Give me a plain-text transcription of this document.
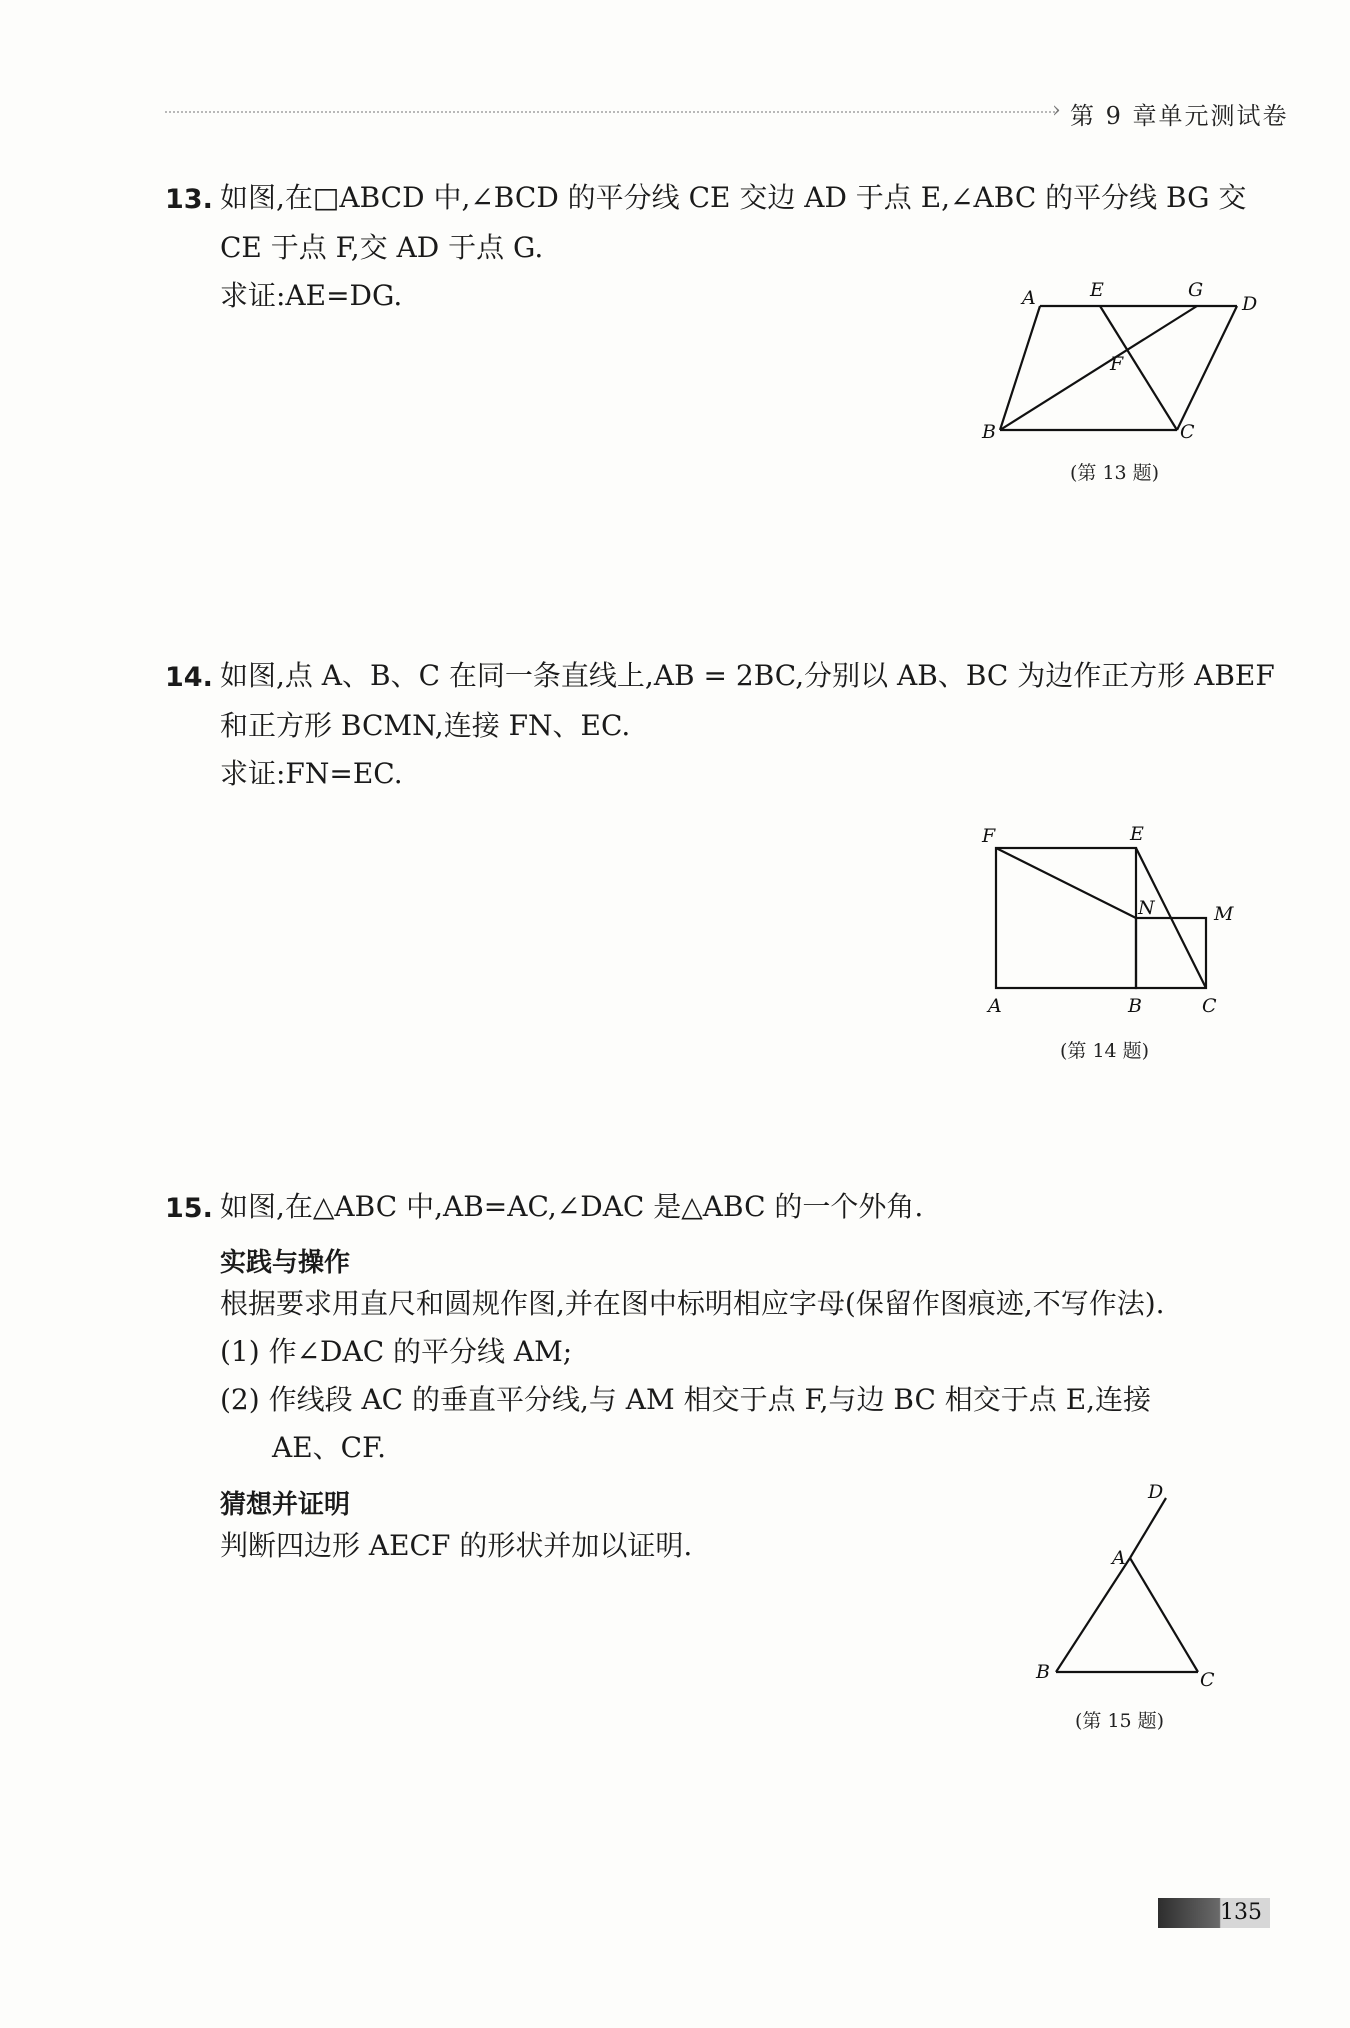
› 第 9 章单元测试卷
13. 如图,在□ABCD 中,∠BCD 的平分线 CE 交边 AD 于点 E,∠ABC 的平分线 BG 交
CE 于点 F,交 AD 于点 G.
求证:AE=DG.	A	E	G
D
F
B	C
(第 13 题)
14. 如图,点 A、B、C 在同一条直线上,AB = 2BC,分别以 AB、BC 为边作正方形 ABEF
和正方形 BCMN,连接 FN、EC.
求证:FN=EC.
F	E
N	M
A	B	C
(第 14 题)
15. 如图,在△ABC 中,AB=AC,∠DAC 是△ABC 的一个外角.
实践与操作
根据要求用直尺和圆规作图,并在图中标明相应字母(保留作图痕迹,不写作法).
(1) 作∠DAC 的平分线 AM;
(2) 作线段 AC 的垂直平分线,与 AM 相交于点 F,与边 BC 相交于点 E,连接
AE、CF.
猜想并证明
判断四边形 AECF 的形状并加以证明.
D
A
B	C
(第 15 题)
135
